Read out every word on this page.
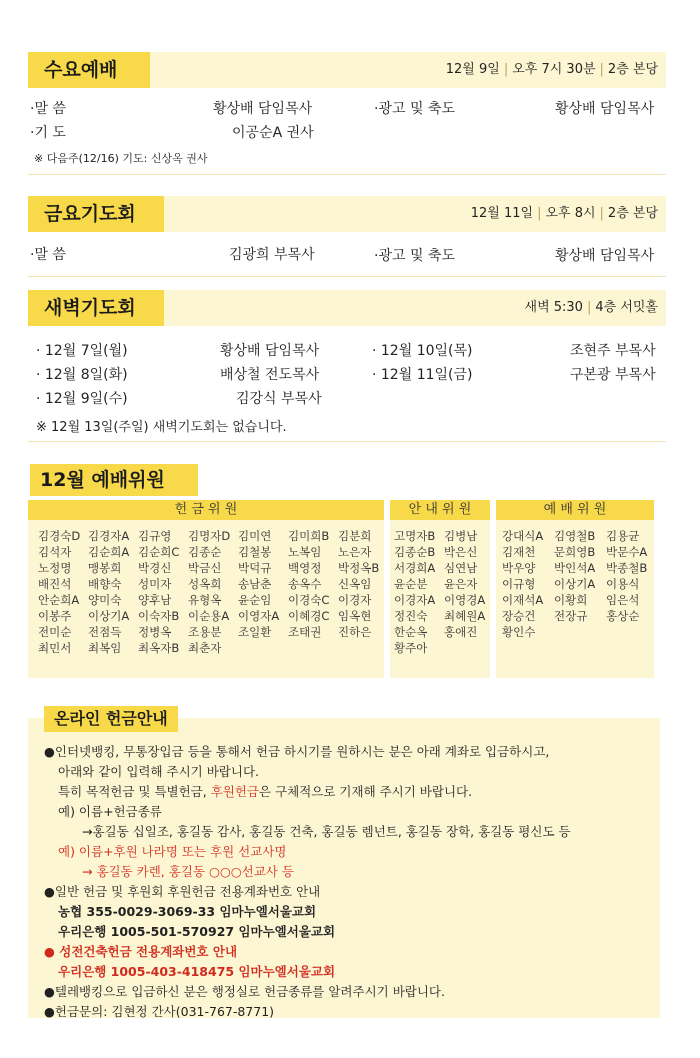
수요예배	12월 9일 | 오후 7시 30분 | 2층 본당
·말 씀	황상배 담임목사	·광고 및 축도	황상배 담임목사
·기 도	이공순A 권사
※ 다음주(12/16) 기도: 신상옥 권사
금요기도회	12월 11일 | 오후 8시 | 2층 본당
·말 씀	김광희 부목사	·광고 및 축도	황상배 담임목사
새벽기도회	새벽 5:30 | 4층 서밋홀
· 12월 7일(월)	황상배 담임목사
· 12월 8일(화)	배상철 전도목사
· 12월 9일(수)	김강식 부목사
· 12월 10일(목)	조현주 부목사
· 12월 11일(금)	구본광 부목사
※ 12월 13일(주일) 새벽기도회는 없습니다.
12월 예배위원
헌 금 위 원	안 내 위 원	예 배 위 원
김경숙D 김경자A 김규영 김명자D 김미연 김미희B 김분희
김석자 김순희A 김순희C 김종순 김철봉 노복임 노은자
노정명 맹봉희 박경신 박금신 박덕규 백영정 박정옥B
배진석 배향숙 성미자 성옥희 송남춘 송옥수 신옥임
안순희A 양미숙 양후남 유형옥 윤순임 이경숙C 이경자
이봉주 이상기A 이숙자B 이순용A 이영자A 이혜경C 임옥현
전미순 전점득 정병옥 조용분 조일환 조태권 진하은
최민서 최복임 최옥자B 최춘자
고명자B 김병남
김종순B 박은신
서경희A 심연남
윤순분 윤은자
이경자A 이영경A
정진숙 최혜원A
한순옥 홍애진
황주아
강대식A 김영철B 김용균
김재천 문희영B 박문수A
박우양 박인석A 박종철B
이규형 이상기A 이용식
이재석A 이황희 임은석
장승건 전장규 홍상순
황인수
온라인 헌금안내
●인터넷뱅킹, 무통장입금 등을 통해서 헌금 하시기를 원하시는 분은 아래 계좌로 입금하시고,
아래와 같이 입력해 주시기 바랍니다.
특히 목적헌금 및 특별헌금, 후원헌금은 구체적으로 기재해 주시기 바랍니다.
예) 이름+헌금종류
→홍길동 십일조, 홍길동 감사, 홍길동 건축, 홍길동 렘넌트, 홍길동 장학, 홍길동 평신도 등
예) 이름+후원 나라명 또는 후원 선교사명
→ 홍길동 카렌, 홍길동 ○○○선교사 등
●일반 헌금 및 후원회 후원헌금 전용계좌번호 안내
농협 355-0029-3069-33 임마누엘서울교회
우리은행 1005-501-570927 임마누엘서울교회
● 성전건축헌금 전용계좌번호 안내
우리은행 1005-403-418475 임마누엘서울교회
●텔레뱅킹으로 입금하신 분은 행정실로 헌금종류를 알려주시기 바랍니다.
●헌금문의: 김현정 간사(031-767-8771)
